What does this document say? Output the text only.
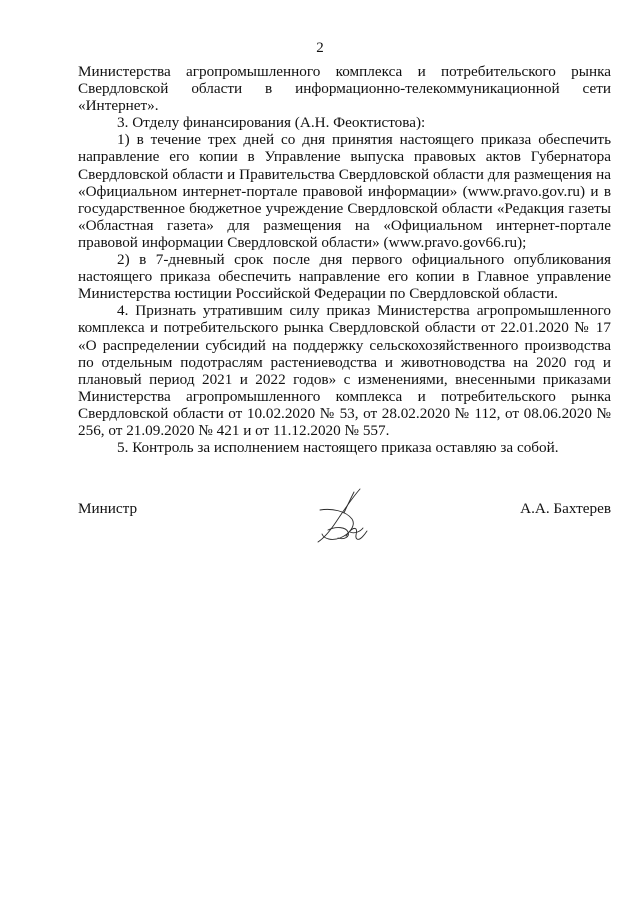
2

Министерства агропромышленного комплекса и потребительского рынка Свердловской области в информационно-телекоммуникационной сети «Интернет».

3. Отделу финансирования (А.Н. Феоктистова):

1) в течение трех дней со дня принятия настоящего приказа обеспечить направление его копии в Управление выпуска правовых актов Губернатора Свердловской области и Правительства Свердловской области для размещения на «Официальном интернет-портале правовой информации» (www.pravo.gov.ru) и в государственное бюджетное учреждение Свердловской области «Редакция газеты «Областная газета» для размещения на «Официальном интернет-портале правовой информации Свердловской области» (www.pravo.gov66.ru);

2) в 7-дневный срок после дня первого официального опубликования настоящего приказа обеспечить направление его копии в Главное управление Министерства юстиции Российской Федерации по Свердловской области.

4. Признать утратившим силу приказ Министерства агропромышленного комплекса и потребительского рынка Свердловской области от 22.01.2020 № 17 «О распределении субсидий на поддержку сельскохозяйственного производства по отдельным подотраслям растениеводства и животноводства на 2020 год и плановый период 2021 и 2022 годов» с изменениями, внесенными приказами Министерства агропромышленного комплекса и потребительского рынка Свердловской области от 10.02.2020 № 53, от 28.02.2020 № 112, от 08.06.2020 № 256, от 21.09.2020 № 421 и от 11.12.2020 № 557.

5. Контроль за исполнением настоящего приказа оставляю за собой.

Министр	А.А. Бахтерев
